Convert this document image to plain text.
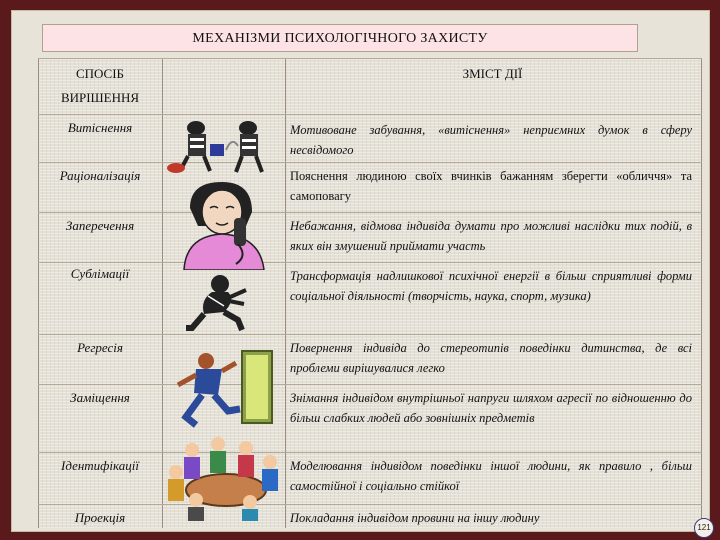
МЕХАНІЗМИ ПСИХОЛОГІЧНОГО ЗАХИСТУ
СПОСІБ ВИРІШЕННЯ
ЗМІСТ ДІЇ
Витіснення
Раціоналізація
Заперечення
Сублімації
Регресія
Заміщення
Ідентифікації
Проекція
Мотивоване забування, «витіснення» неприємних думок в сферу несвідомого
Пояснення людиною своїх вчинків бажанням зберегти «обличчя» та самоповагу
Небажання, відмова індивіда думати про можливі наслідки тих подій, в яких він змушений приймати участь
Трансформація надлишкової психічної енергії в більш сприятливі форми соціальної діяльності (творчість, наука, спорт, музика)
Повернення індивіда до стереотипів поведінки дитинства, де всі проблеми вирішувалися легко
Знімання індивідом внутрішньої напруги шляхом агресії по відношенню до більш слабких людей або зовнішніх предметів
Моделювання індивідом поведінки іншої людини, як правило , більш самостійної і соціально стійкої
Покладання індивідом провини на іншу людину
121
